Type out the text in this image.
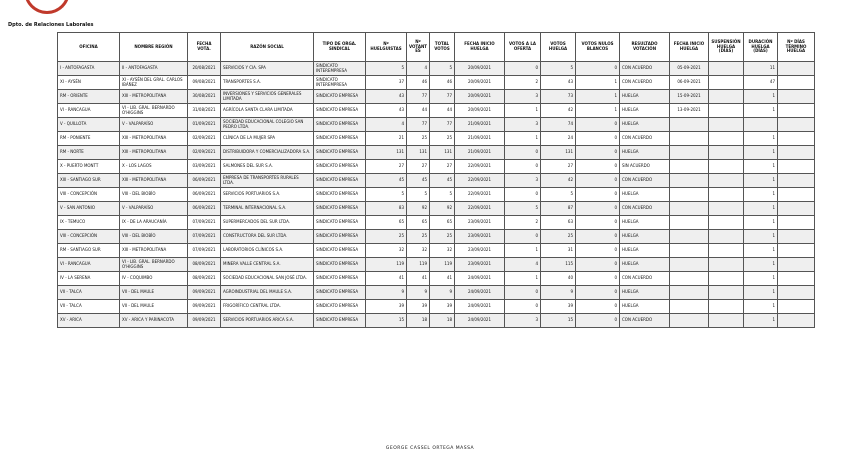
Dpto. de Relaciones Laborales
OFICINA	NOMBRE REGIÓN	FECHA VOTA.	RAZÓN SOCIAL	TIPO DE ORGA. SINDICAL	Nº HUELGUISTAS	Nº VOTANTES	TOTAL VOTOS	FECHA INICIO HUELGA	VOTOS A LA OFERTA	VOTOS HUELGA	VOTOS NULOS BLANCOS	RESULTADO VOTACIÓN	FECHA INICIO HUELGA	SUSPENSIÓN HUELGA (DÍAS)	DURACIÓN HUELGA (DÍAS)	Nº DÍAS TÉRMINO HUELGA
I - ANTOFAGASTA	II - ANTOFAGASTA	20/08/2021	SERVICIOS Y CIA. SPA	SINDICATO INTEREMPRESA	5	4	5	20/09/2021	0	5	0	CON ACUERDO	05-09-2021		11	
XI - AYSÉN	XI - AYSÉN DEL GRAL. CARLOS IBÁÑEZ	09/08/2021	TRANSPORTES S.A.	SINDICATO INTEREMPRESA	37	46	46	20/09/2021	2	43	1	CON ACUERDO	06-09-2021		47	
RM - ORIENTE	XIII - METROPOLITANA	30/08/2021	INVERSIONES Y SERVICIOS GENERALES LIMITADA	SINDICATO EMPRESA	43	77	77	20/09/2021	3	73	1	HUELGA	15-09-2021		1	
VI - RANCAGUA	VI - LIB. GRAL. BERNARDO O'HIGGINS	31/08/2021	AGRÍCOLA SANTA CLARA LIMITADA	SINDICATO EMPRESA	43	44	44	20/09/2021	1	42	1	HUELGA	13-09-2021		1	
V - QUILLOTA	V - VALPARAÍSO	01/09/2021	SOCIEDAD EDUCACIONAL COLEGIO SAN PEDRO LTDA.	SINDICATO EMPRESA	4	77	77	21/09/2021	3	74	0	HUELGA				
RM - PONIENTE	XIII - METROPOLITANA	02/09/2021	CLÍNICA DE LA MUJER SPA	SINDICATO EMPRESA	21	25	25	21/09/2021	1	24	0	CON ACUERDO			1	
RM - NORTE	XIII - METROPOLITANA	02/09/2021	DISTRIBUIDORA Y COMERCIALIZADORA S.A.	SINDICATO EMPRESA	131	131	131	21/09/2021	0	131	0	HUELGA			1	
X - PUERTO MONTT	X - LOS LAGOS	03/09/2021	SALMONES DEL SUR S.A.	SINDICATO EMPRESA	27	27	27	22/09/2021	0	27	0	SIN ACUERDO			1	
XIII - SANTIAGO SUR	XIII - METROPOLITANA	06/09/2021	EMPRESA DE TRANSPORTES RURALES LTDA.	SINDICATO EMPRESA	45	45	45	22/09/2021	3	42	0	CON ACUERDO			1	
VIII - CONCEPCIÓN	VIII - DEL BIOBÍO	06/09/2021	SERVICIOS PORTUARIOS S.A.	SINDICATO EMPRESA	5	5	5	22/09/2021	0	5	0	HUELGA			1	
V - SAN ANTONIO	V - VALPARAÍSO	06/09/2021	TERMINAL INTERNACIONAL S.A.	SINDICATO EMPRESA	83	92	92	22/09/2021	5	87	0	CON ACUERDO			1	
IX - TEMUCO	IX - DE LA ARAUCANÍA	07/09/2021	SUPERMERCADOS DEL SUR LTDA.	SINDICATO EMPRESA	65	65	65	23/09/2021	2	63	0	HUELGA			1	
VIII - CONCEPCIÓN	VIII - DEL BIOBÍO	07/09/2021	CONSTRUCTORA DEL SUR LTDA.	SINDICATO EMPRESA	25	25	25	23/09/2021	0	25	0	HUELGA			1	
RM - SANTIAGO SUR	XIII - METROPOLITANA	07/09/2021	LABORATORIOS CLÍNICOS S.A.	SINDICATO EMPRESA	32	32	32	23/09/2021	1	31	0	HUELGA			1	
VI - RANCAGUA	VI - LIB. GRAL. BERNARDO O'HIGGINS	08/09/2021	MINERA VALLE CENTRAL S.A.	SINDICATO EMPRESA	119	119	119	23/09/2021	4	115	0	HUELGA			1	
IV - LA SERENA	IV - COQUIMBO	08/09/2021	SOCIEDAD EDUCACIONAL SAN JOSÉ LTDA.	SINDICATO EMPRESA	41	41	41	24/09/2021	1	40	0	CON ACUERDO			1	
VII - TALCA	VII - DEL MAULE	09/09/2021	AGROINDUSTRIAL DEL MAULE S.A.	SINDICATO EMPRESA	9	9	9	24/09/2021	0	9	0	HUELGA			1	
VII - TALCA	VII - DEL MAULE	09/09/2021	FRIGORÍFICO CENTRAL LTDA.	SINDICATO EMPRESA	39	39	39	24/09/2021	0	39	0	HUELGA			1	
XV - ARICA	XV - ARICA Y PARINACOTA	09/09/2021	SERVICIOS PORTUARIOS ARICA S.A.	SINDICATO EMPRESA	15	18	18	24/09/2021	3	15	0	CON ACUERDO			1	
GEORGE CASSEL ORTEGA MASSA
